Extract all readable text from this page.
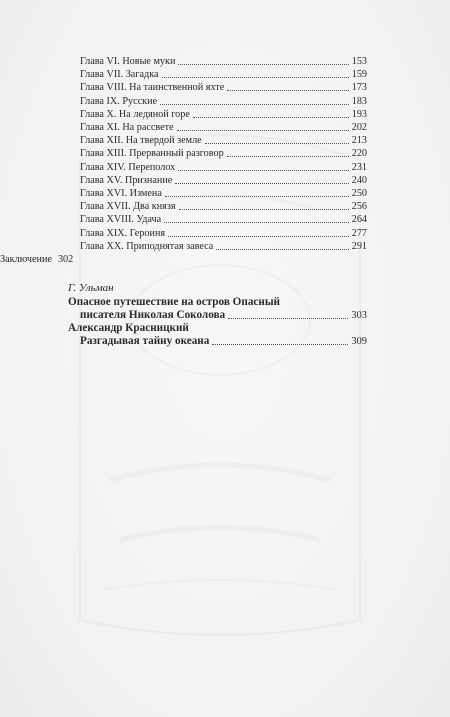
Глава VI. Новые муки	153
Глава VII. Загадка	159
Глава VIII. На таинственной яхте	173
Глава IX. Русские	183
Глава X. На ледяной горе	193
Глава XI. На рассвете	202
Глава XII. На твердой земле	213
Глава XIII. Прерванный разговор	220
Глава XIV. Переполох	231
Глава XV. Признание	240
Глава XVI. Измена	250
Глава XVII. Два князя	256
Глава XVIII. Удача	264
Глава XIX. Героиня	277
Глава XX. Приподнятая завеса	291
Заключение 302
Г. Ульман
Опасное путешествие на остров Опасный
писателя Николая Соколова	303
Александр Красницкий
Разгадывая тайну океана	309
